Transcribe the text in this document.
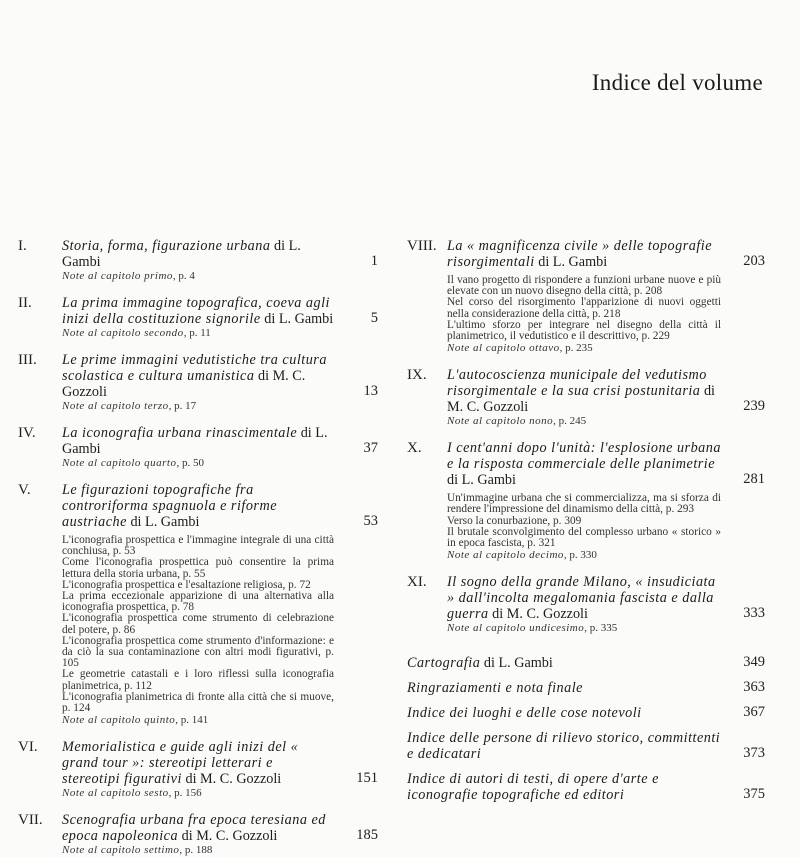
Indice del volume
I. Storia, forma, figurazione urbana di L. Gambi	1
Note al capitolo primo, p. 4
II. La prima immagine topografica, coeva agli inizi della costituzione signorile di L. Gambi	5
Note al capitolo secondo, p. 11
III. Le prime immagini vedutistiche tra cultura scolastica e cultura umanistica di M. C. Gozzoli	13
Note al capitolo terzo, p. 17
IV. La iconografia urbana rinascimentale di L. Gambi	37
Note al capitolo quarto, p. 50
V. Le figurazioni topografiche fra controriforma spagnuola e riforme austriache di L. Gambi	53
L'iconografia prospettica e l'immagine integrale di una città conchiusa, p. 53
Come l'iconografia prospettica può consentire la prima lettura della storia urbana, p. 55
L'iconografia prospettica e l'esaltazione religiosa, p. 72
La prima eccezionale apparizione di una alternativa alla iconografia prospettica, p. 78
L'iconografia prospettica come strumento di celebrazione del potere, p. 86
L'iconografia prospettica come strumento d'informazione: e da ciò la sua contaminazione con altri modi figurativi, p. 105
Le geometrie catastali e i loro riflessi sulla iconografia planimetrica, p. 112
L'iconografia planimetrica di fronte alla città che si muove, p. 124
Note al capitolo quinto, p. 141
VI. Memorialistica e guide agli inizi del « grand tour »: stereotipi letterari e stereotipi figurativi di M. C. Gozzoli	151
Note al capitolo sesto, p. 156
VII. Scenografia urbana fra epoca teresiana ed epoca napoleonica di M. C. Gozzoli	185
Note al capitolo settimo, p. 188
VIII. La « magnificenza civile » delle topografie risorgimentali di L. Gambi	203
Il vano progetto di rispondere a funzioni urbane nuove e più elevate con un nuovo disegno della città, p. 208
Nel corso del risorgimento l'apparizione di nuovi oggetti nella considerazione della città, p. 218
L'ultimo sforzo per integrare nel disegno della città il planimetrico, il vedutistico e il descrittivo, p. 229
Note al capitolo ottavo, p. 235
IX. L'autocoscienza municipale del vedutismo risorgimentale e la sua crisi postunitaria di M. C. Gozzoli	239
Note al capitolo nono, p. 245
X. I cent'anni dopo l'unità: l'esplosione urbana e la risposta commerciale delle planimetrie di L. Gambi	281
Un'immagine urbana che si commercializza, ma si sforza di rendere l'impressione del dinamismo della città, p. 293
Verso la conurbazione, p. 309
Il brutale sconvolgimento del complesso urbano « storico » in epoca fascista, p. 321
Note al capitolo decimo, p. 330
XI. Il sogno della grande Milano, « insudiciata » dall'incolta megalomania fascista e dalla guerra di M. C. Gozzoli	333
Note al capitolo undicesimo, p. 335
Cartografia di L. Gambi	349
Ringraziamenti e nota finale	363
Indice dei luoghi e delle cose notevoli	367
Indice delle persone di rilievo storico, committenti e dedicatari	373
Indice di autori di testi, di opere d'arte e iconografie topografiche ed editori	375
